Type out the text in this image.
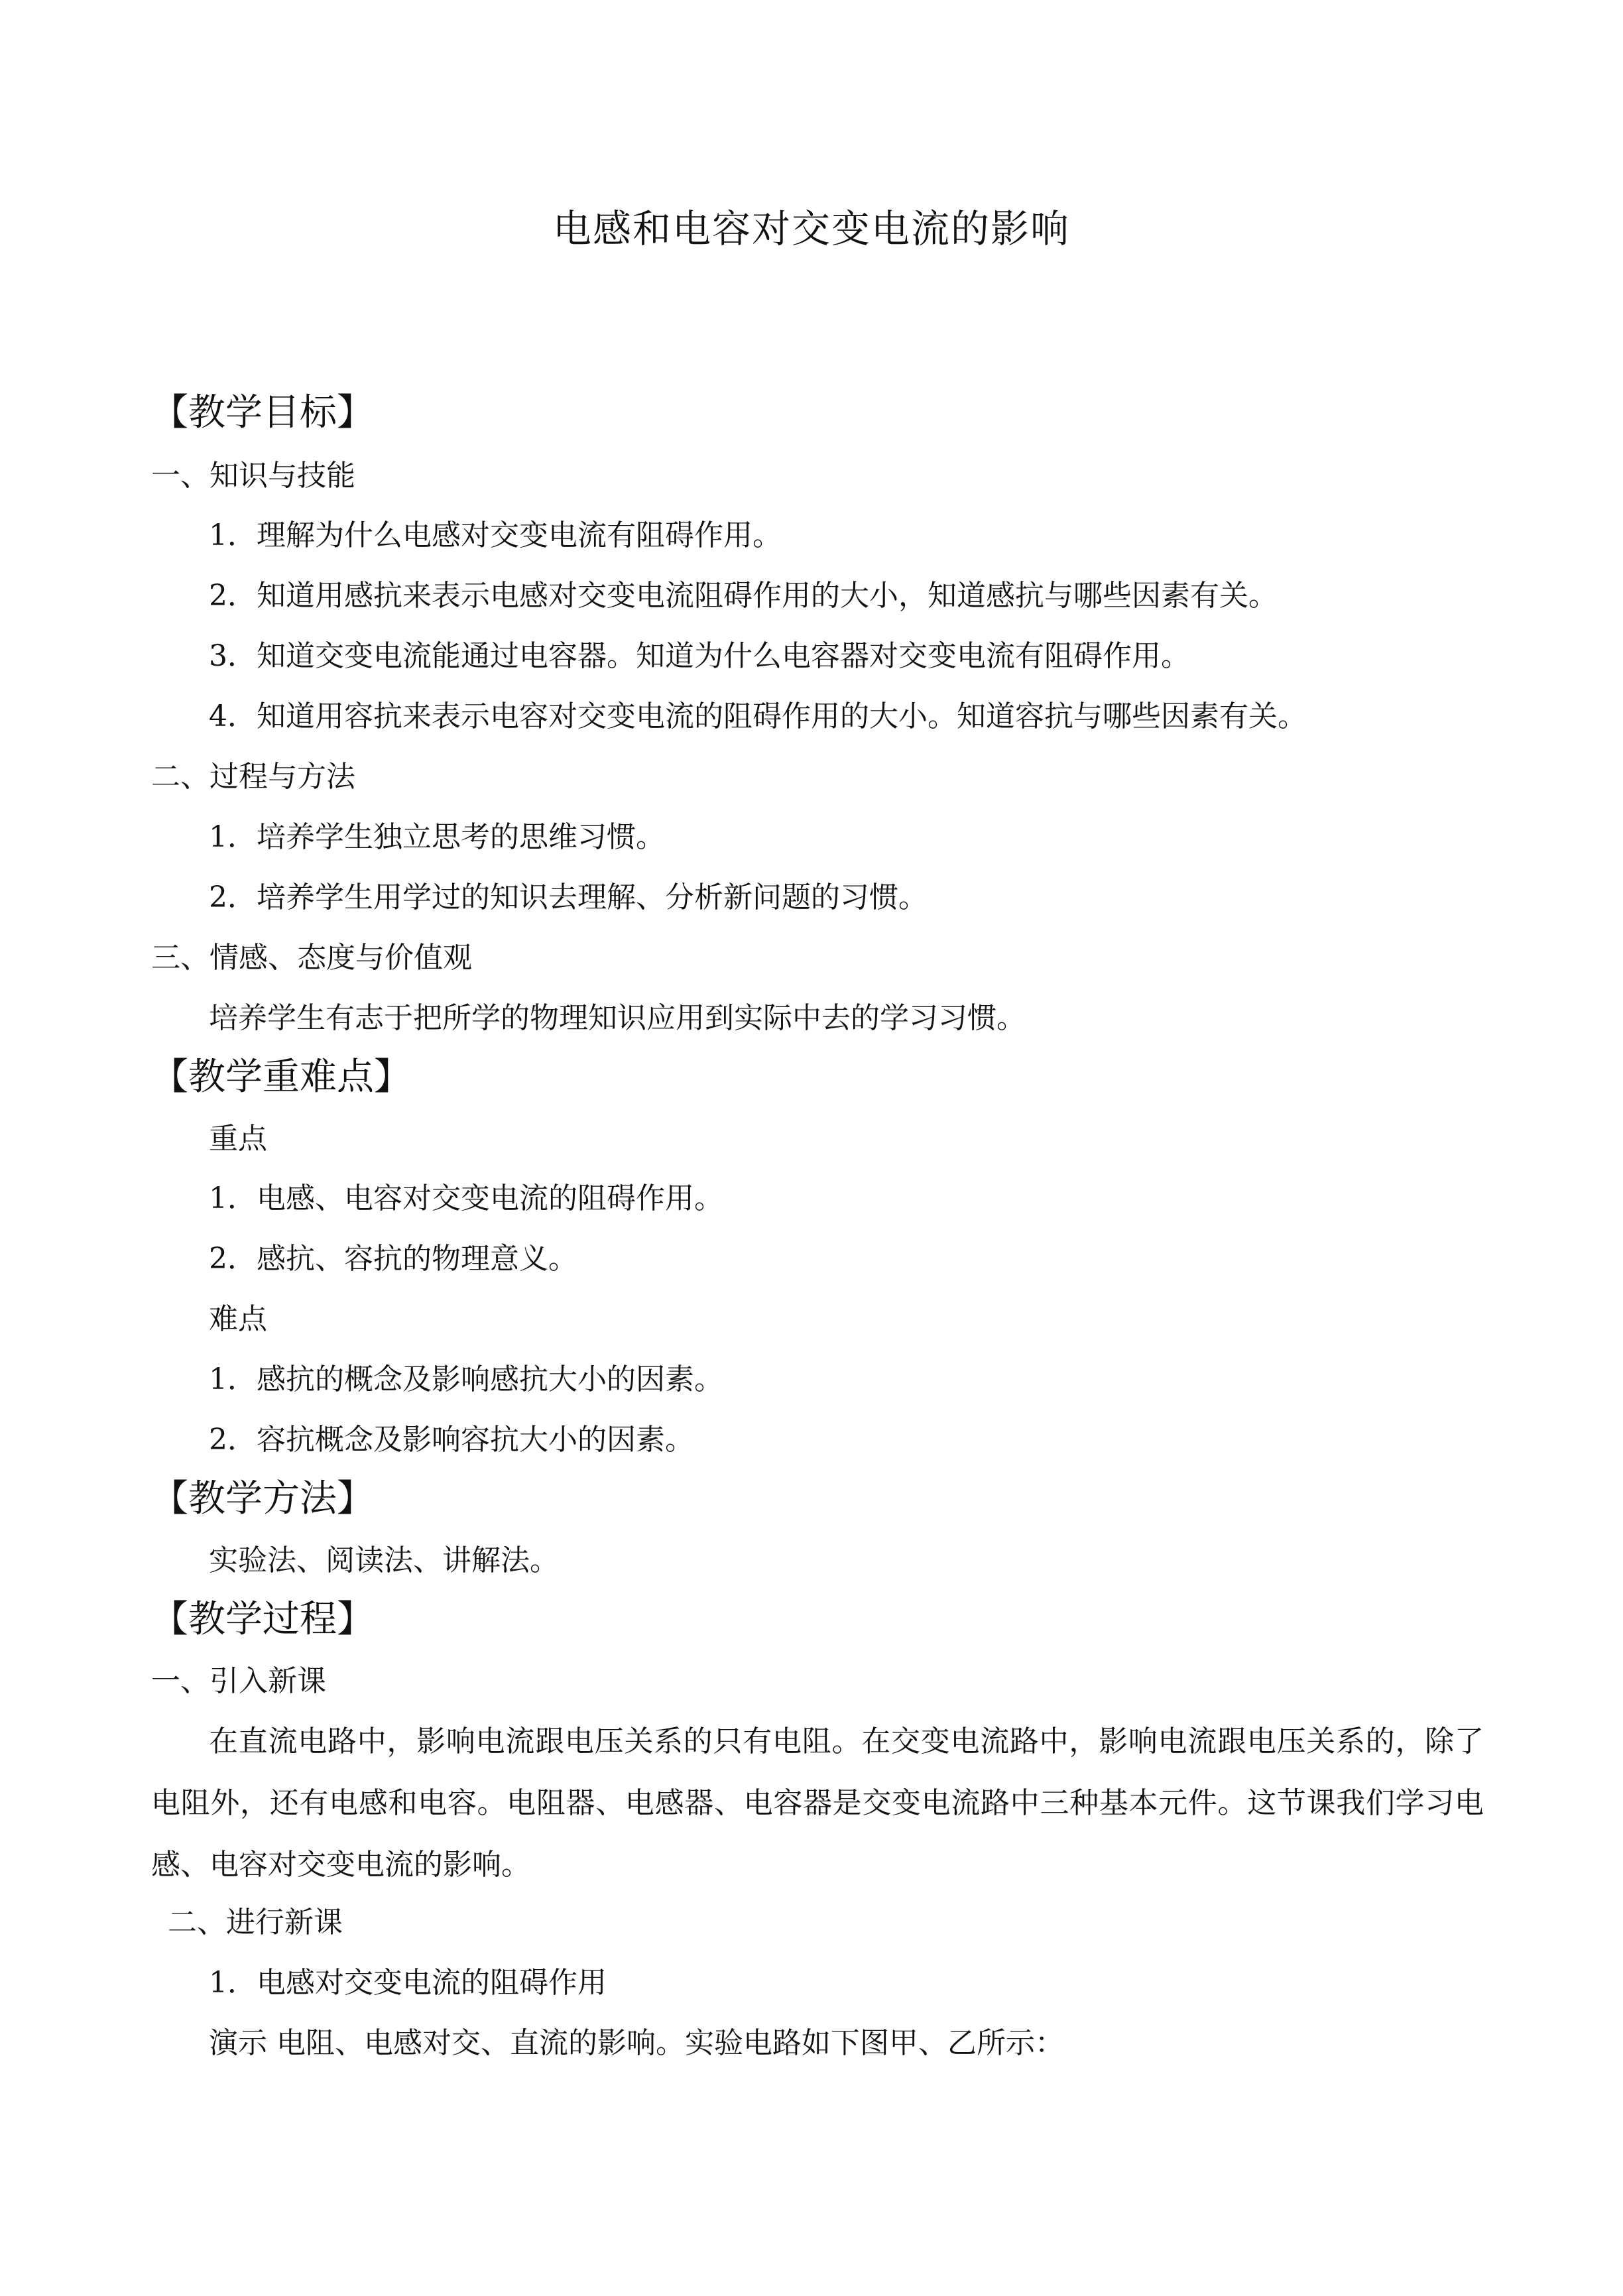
电感和电容对交变电流的影响
【教学目标】
一、知识与技能
1．理解为什么电感对交变电流有阻碍作用。
2．知道用感抗来表示电感对交变电流阻碍作用的大小，知道感抗与哪些因素有关。
3．知道交变电流能通过电容器。知道为什么电容器对交变电流有阻碍作用。
4．知道用容抗来表示电容对交变电流的阻碍作用的大小。知道容抗与哪些因素有关。
二、过程与方法
1．培养学生独立思考的思维习惯。
2．培养学生用学过的知识去理解、分析新问题的习惯。
三、情感、态度与价值观
培养学生有志于把所学的物理知识应用到实际中去的学习习惯。
【教学重难点】
重点
1．电感、电容对交变电流的阻碍作用。
2．感抗、容抗的物理意义。
难点
1．感抗的概念及影响感抗大小的因素。
2．容抗概念及影响容抗大小的因素。
【教学方法】
实验法、阅读法、讲解法。
【教学过程】
一、引入新课
在直流电路中，影响电流跟电压关系的只有电阻。在交变电流路中，影响电流跟电压关系的，除了电阻外，还有电感和电容。电阻器、电感器、电容器是交变电流路中三种基本元件。这节课我们学习电感、电容对交变电流的影响。
二、进行新课
1．电感对交变电流的阻碍作用
演示 电阻、电感对交、直流的影响。实验电路如下图甲、乙所示：
